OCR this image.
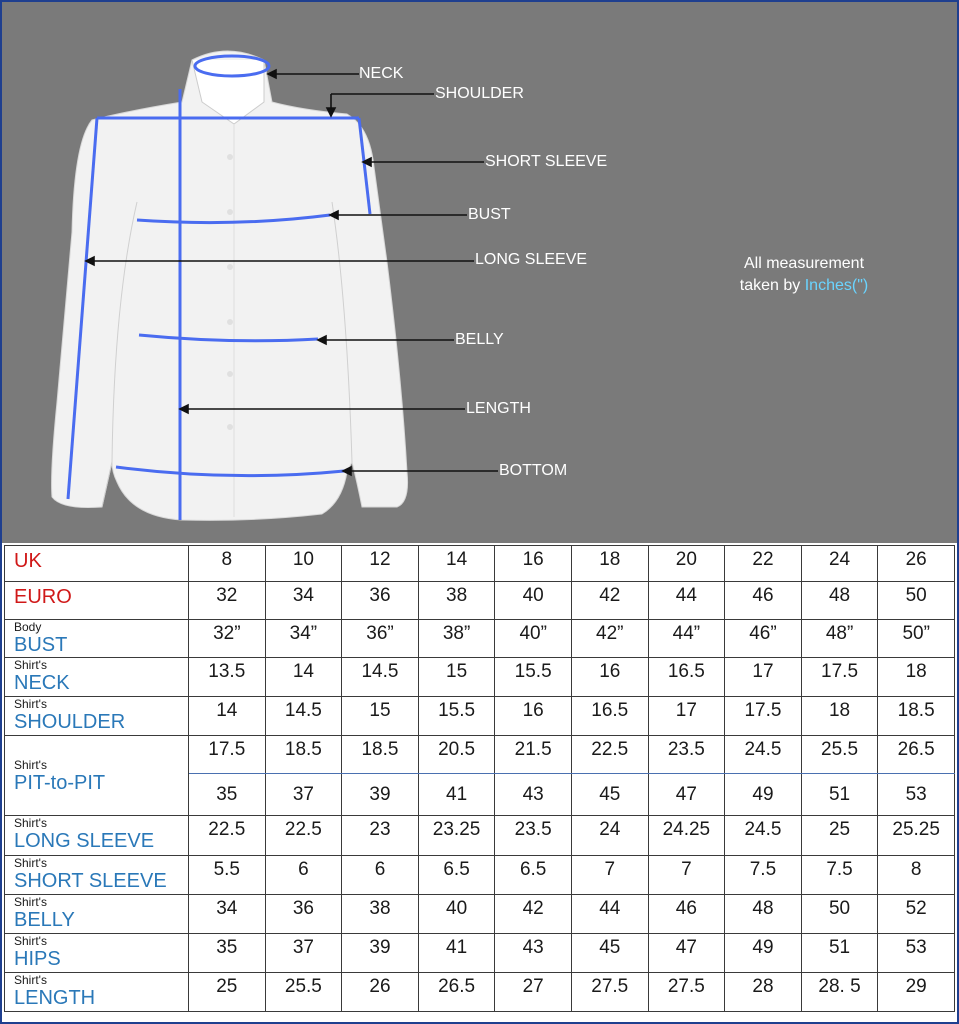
NECK
SHOULDER
SHORT SLEEVE
BUST
LONG SLEEVE
BELLY
LENGTH
BOTTOM
All measurement
taken by Inches(")
UK	8	10	12	14	16	18	20	22	24	26

EURO	32	34	36	38	40	42	44	46	48	50

Body
BUST	32”	34”	36”	38”	40”	42”	44”	46”	48”	50”

Shirt's
NECK	13.5	14	14.5	15	15.5	16	16.5	17	17.5	18

Shirt's
SHOULDER	14	14.5	15	15.5	16	16.5	17	17.5	18	18.5

Shirt's
PIT-to-PIT	17.5	18.5	18.5	20.5	21.5	22.5	23.5	24.5	25.5	26.5

	35	37	39	41	43	45	47	49	51	53

Shirt's
LONG SLEEVE	22.5	22.5	23	23.25	23.5	24	24.25	24.5	25	25.25

Shirt's
SHORT SLEEVE	5.5	6	6	6.5	6.5	7	7	7.5	7.5	8

Shirt's
BELLY	34	36	38	40	42	44	46	48	50	52

Shirt's
HIPS	35	37	39	41	43	45	47	49	51	53

Shirt's
LENGTH	25	25.5	26	26.5	27	27.5	27.5	28	28. 5	29
